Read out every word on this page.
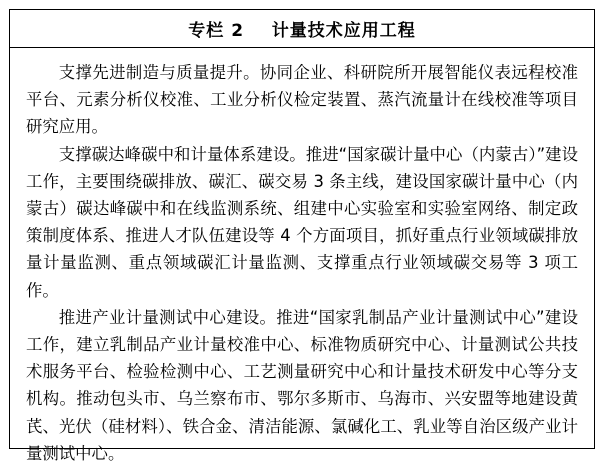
专栏 2    计量技术应用工程

支撑先进制造与质量提升。协同企业、科研院所开展智能仪表远程校准平台、元素分析仪校准、工业分析仪检定装置、蒸汽流量计在线校准等项目研究应用。

支撑碳达峰碳中和计量体系建设。推进“国家碳计量中心（内蒙古）”建设工作，主要围绕碳排放、碳汇、碳交易 3 条主线，建设国家碳计量中心（内蒙古）碳达峰碳中和在线监测系统、组建中心实验室和实验室网络、制定政策制度体系、推进人才队伍建设等 4 个方面项目，抓好重点行业领域碳排放量计量监测、重点领域碳汇计量监测、支撑重点行业领域碳交易等 3 项工作。

推进产业计量测试中心建设。推进“国家乳制品产业计量测试中心”建设工作，建立乳制品产业计量校准中心、标准物质研究中心、计量测试公共技术服务平台、检验检测中心、工艺测量研究中心和计量技术研发中心等分支机构。推动包头市、乌兰察布市、鄂尔多斯市、乌海市、兴安盟等地建设黄芪、光伏（硅材料）、铁合金、清洁能源、氯碱化工、乳业等自治区级产业计量测试中心。
